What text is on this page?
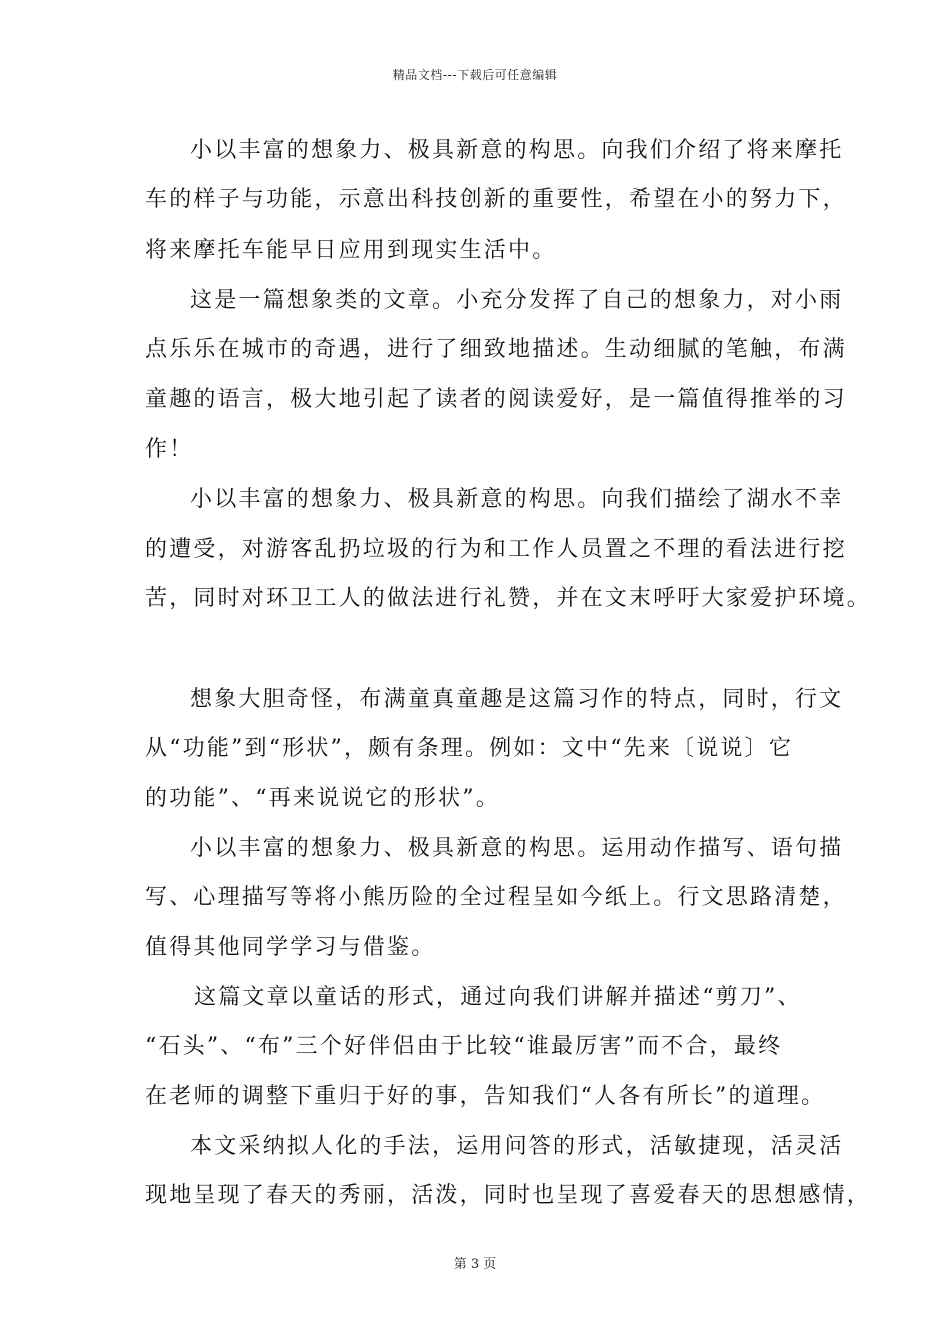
精品文档---下载后可任意编辑
小以丰富的想象力、极具新意的构思。向我们介绍了将来摩托
车的样子与功能，示意出科技创新的重要性，希望在小的努力下，
将来摩托车能早日应用到现实生活中。
这是一篇想象类的文章。小充分发挥了自己的想象力，对小雨
点乐乐在城市的奇遇，进行了细致地描述。生动细腻的笔触，布满
童趣的语言，极大地引起了读者的阅读爱好，是一篇值得推举的习
作！
小以丰富的想象力、极具新意的构思。向我们描绘了湖水不幸
的遭受，对游客乱扔垃圾的行为和工作人员置之不理的看法进行挖
苦，同时对环卫工人的做法进行礼赞，并在文末呼吁大家爱护环境。
想象大胆奇怪，布满童真童趣是这篇习作的特点，同时，行文
从“功能”到“形状”，颇有条理。例如：文中“先来〔说说〕它
的功能”、“再来说说它的形状”。
小以丰富的想象力、极具新意的构思。运用动作描写、语句描
写、心理描写等将小熊历险的全过程呈如今纸上。行文思路清楚，
值得其他同学学习与借鉴。
这篇文章以童话的形式，通过向我们讲解并描述“剪刀”、
“石头”、“布”三个好伴侣由于比较“谁最厉害”而不合，最终
在老师的调整下重归于好的事，告知我们“人各有所长”的道理。
本文采纳拟人化的手法，运用问答的形式，活敏捷现，活灵活
现地呈现了春天的秀丽，活泼，同时也呈现了喜爱春天的思想感情，
第 3 页
